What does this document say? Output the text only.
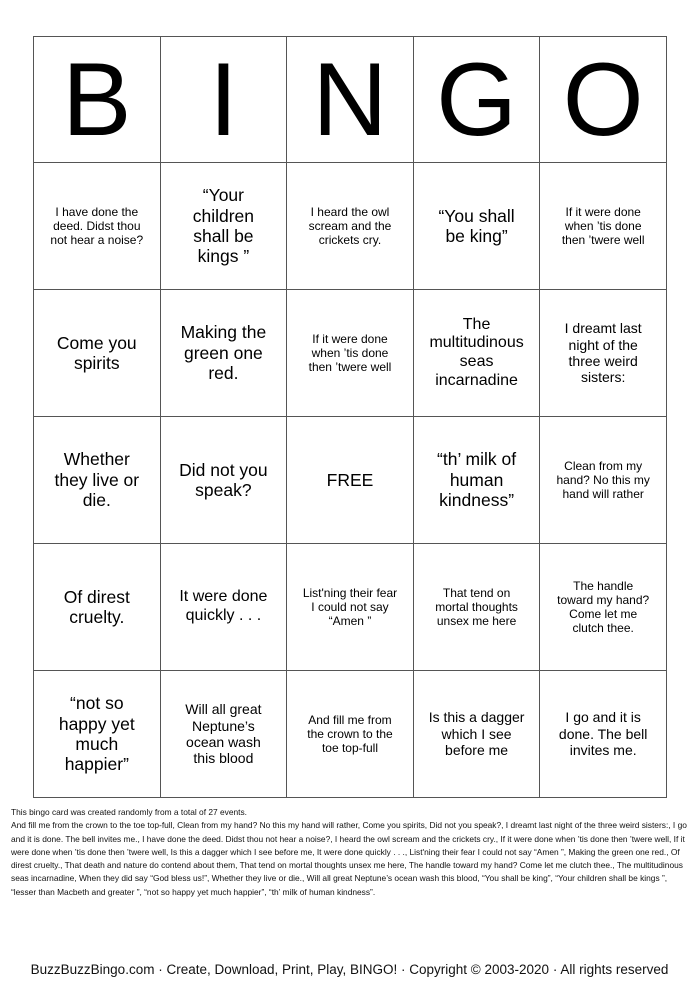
B	I	N	G	O
I have done the deed. Didst thou not hear a noise?	“Your children shall be kings ”	I heard the owl scream and the crickets cry.	“You shall be king”	If it were done when ’tis done then ’twere well
Come you spirits	Making the green one red.	If it were done when ’tis done then ’twere well	The multitudinous seas incarnadine	I dreamt last night of the three weird sisters:
Whether they live or die.	Did not you speak?	FREE	“th’ milk of human kindness”	Clean from my hand? No this my hand will rather
Of direst cruelty.	It were done quickly . . .	List'ning their fear I could not say “Amen ”	That tend on mortal thoughts unsex me here	The handle toward my hand? Come let me clutch thee.
“not so happy yet much happier”	Will all great Neptune’s ocean wash this blood	And fill me from the crown to the toe top-full	Is this a dagger which I see before me	I go and it is done. The bell invites me.
This bingo card was created randomly from a total of 27 events.
And fill me from the crown to the toe top-full, Clean from my hand? No this my hand will rather, Come you spirits, Did not you speak?, I dreamt last night of the three weird sisters:, I go and it is done. The bell invites me., I have done the deed. Didst thou not hear a noise?, I heard the owl scream and the crickets cry., If it were done when ’tis done then ’twere well, If it were done when ’tis done then ’twere well, Is this a dagger which I see before me, It were done quickly . . ., List'ning their fear I could not say “Amen ”, Making the green one red., Of direst cruelty., That death and nature do contend about them, That tend on mortal thoughts unsex me here, The handle toward my hand? Come let me clutch thee., The multitudinous seas incarnadine, When they did say “God bless us!”, Whether they live or die., Will all great Neptune’s ocean wash this blood, “You shall be king”, “Your children shall be kings ”, “lesser than Macbeth and greater ”, “not so happy yet much happier”, “th’ milk of human kindness”.
BuzzBuzzBingo.com · Create, Download, Print, Play, BINGO! · Copyright © 2003-2020 · All rights reserved
